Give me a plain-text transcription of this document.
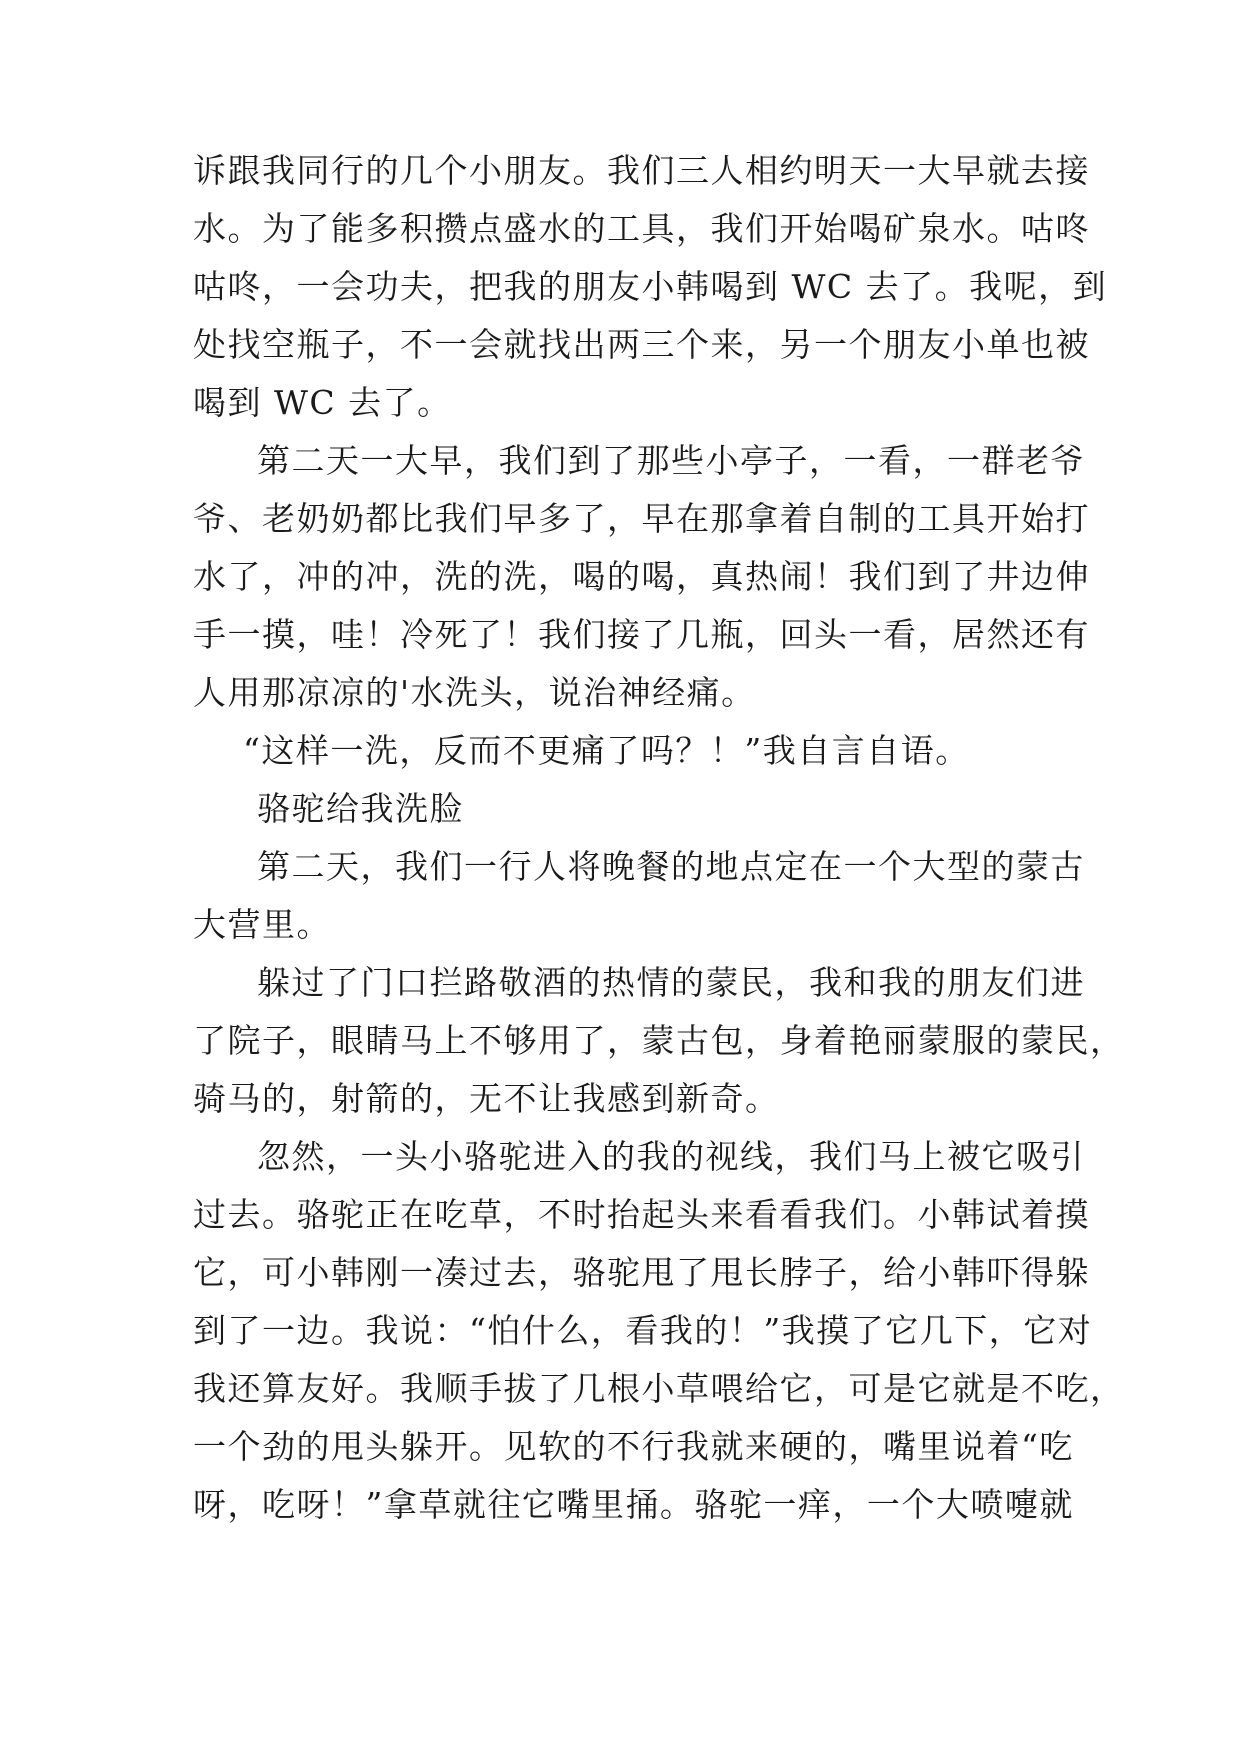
诉跟我同行的几个小朋友。我们三人相约明天一大早就去接
水。为了能多积攒点盛水的工具，我们开始喝矿泉水。咕咚
咕咚，一会功夫，把我的朋友小韩喝到 WC 去了。我呢，到
处找空瓶子，不一会就找出两三个来，另一个朋友小单也被
喝到 WC 去了。
第二天一大早，我们到了那些小亭子，一看，一群老爷
爷、老奶奶都比我们早多了，早在那拿着自制的工具开始打
水了，冲的冲，洗的洗，喝的喝，真热闹！我们到了井边伸
手一摸，哇！冷死了！我们接了几瓶，回头一看，居然还有
人用那凉凉的'水洗头，说治神经痛。
“这样一洗，反而不更痛了吗？！”我自言自语。
骆驼给我洗脸
第二天，我们一行人将晚餐的地点定在一个大型的蒙古
大营里。
躲过了门口拦路敬酒的热情的蒙民，我和我的朋友们进
了院子，眼睛马上不够用了，蒙古包，身着艳丽蒙服的蒙民，
骑马的，射箭的，无不让我感到新奇。
忽然，一头小骆驼进入的我的视线，我们马上被它吸引
过去。骆驼正在吃草，不时抬起头来看看我们。小韩试着摸
它，可小韩刚一凑过去，骆驼甩了甩长脖子，给小韩吓得躲
到了一边。我说：“怕什么，看我的！”我摸了它几下，它对
我还算友好。我顺手拔了几根小草喂给它，可是它就是不吃，
一个劲的甩头躲开。见软的不行我就来硬的，嘴里说着“吃
呀，吃呀！”拿草就往它嘴里捅。骆驼一痒，一个大喷嚏就
